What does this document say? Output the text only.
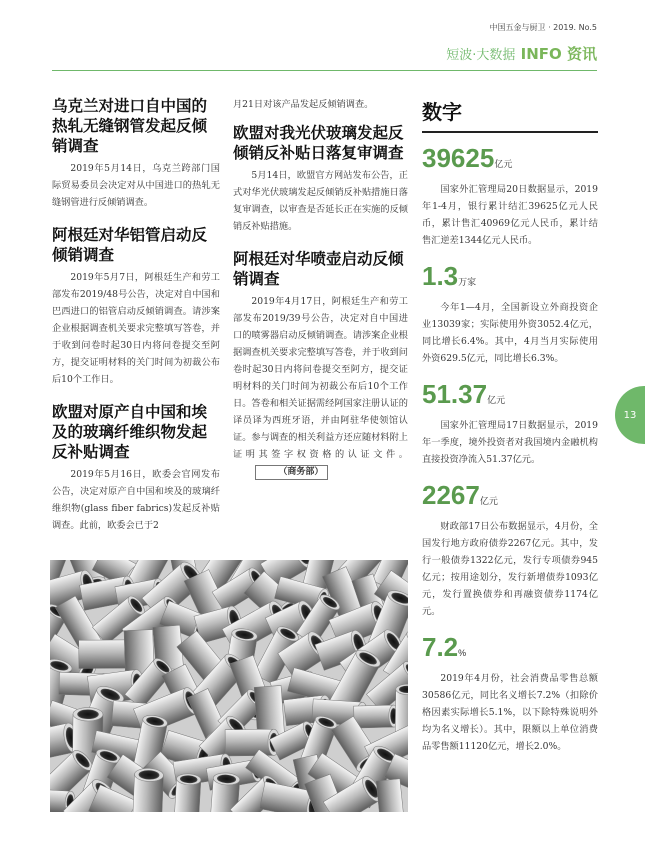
中国五金与厨卫 · 2019. No.5
短波·大数据 INFO 资讯
乌克兰对进口自中国的热轧无缝钢管发起反倾销调查

2019年5月14日，乌克兰跨部门国际贸易委员会决定对从中国进口的热轧无缝钢管进行反倾销调查。

阿根廷对华铝管启动反倾销调查

2019年5月7日，阿根廷生产和劳工部发布2019/48号公告，决定对自中国和巴西进口的铝管启动反倾销调查。请涉案企业根据调查机关要求完整填写答卷，并于收到问卷时起30日内将问卷提交至阿方，提交证明材料的关门时间为初裁公布后10个工作日。

欧盟对原产自中国和埃及的玻璃纤维织物发起反补贴调查

2019年5月16日，欧委会官网发布公告，决定对原产自中国和埃及的玻璃纤维织物(glass fiber fabrics)发起反补贴调查。此前，欧委会已于2

月21日对该产品发起反倾销调查。

欧盟对我光伏玻璃发起反倾销反补贴日落复审调查

5月14日，欧盟官方网站发布公告，正式对华光伏玻璃发起反倾销反补贴措施日落复审调查，以审查是否延长正在实施的反倾销反补贴措施。

阿根廷对华喷壶启动反倾销调查

2019年4月17日，阿根廷生产和劳工部发布2019/39号公告，决定对自中国进口的喷雾器启动反倾销调查。请涉案企业根据调查机关要求完整填写答卷，并于收到问卷时起30日内将问卷提交至阿方，提交证明材料的关门时间为初裁公布后10个工作日。答卷和相关证据需经阿国家注册认证的译员译为西班牙语，并由阿驻华使领馆认证。参与调查的相关利益方还应随材料附上证明其签字权资格的认证文件。（商务部）

数字
39625亿元

国家外汇管理局20日数据显示，2019年1-4月，银行累计结汇39625亿元人民币，累计售汇40969亿元人民币，累计结售汇逆差1344亿元人民币。

1.3万家

今年1—4月，全国新设立外商投资企业13039家；实际使用外资3052.4亿元，同比增长6.4%。其中，4月当月实际使用外资629.5亿元，同比增长6.3%。

51.37亿元

国家外汇管理局17日数据显示，2019年一季度，境外投资者对我国境内金融机构直接投资净流入51.37亿元。

2267亿元

财政部17日公布数据显示，4月份，全国发行地方政府债券2267亿元。其中，发行一般债券1322亿元，发行专项债券945亿元；按用途划分，发行新增债券1093亿元，发行置换债券和再融资债券1174亿元。

7.2%

2019年4月份，社会消费品零售总额30586亿元，同比名义增长7.2%（扣除价格因素实际增长5.1%，以下除特殊说明外均为名义增长）。其中，限额以上单位消费品零售额11120亿元，增长2.0%。

13
